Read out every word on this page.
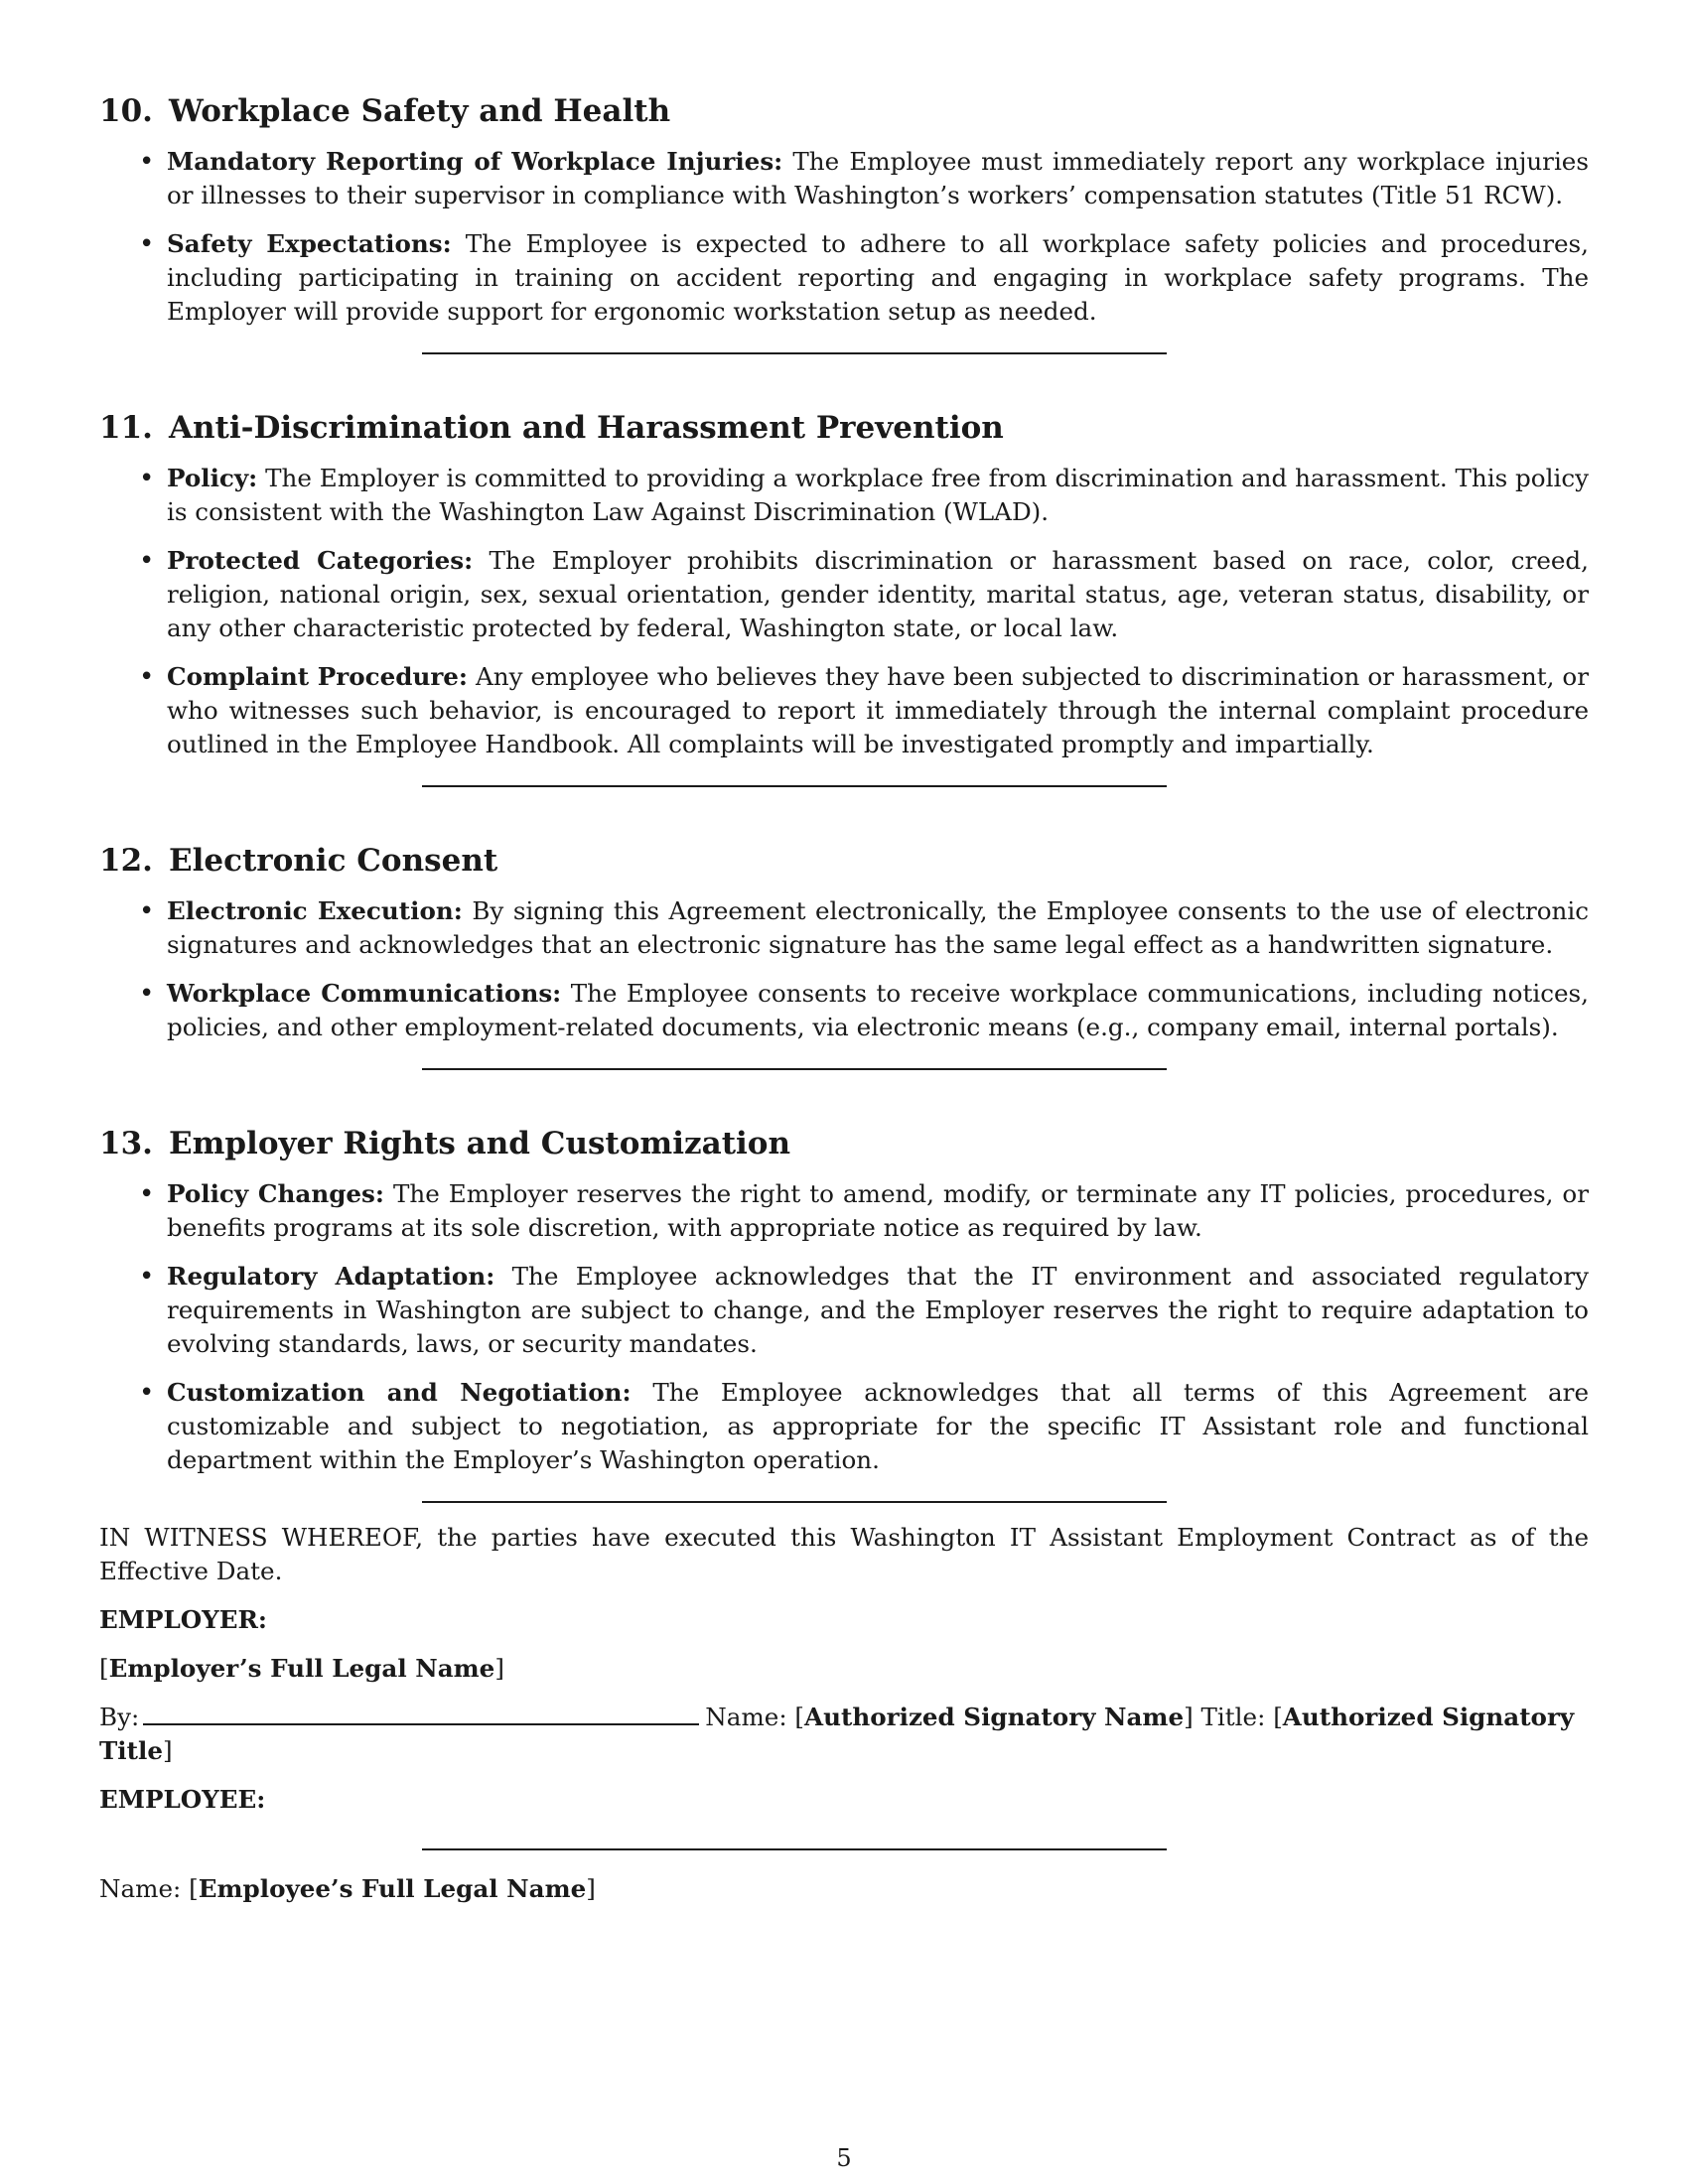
10. Workplace Safety and Health
• Mandatory Reporting of Workplace Injuries: The Employee must immediately report any workplace injuries or illnesses to their supervisor in compliance with Washington’s workers’ compensation statutes (Title 51 RCW).
• Safety Expectations: The Employee is expected to adhere to all workplace safety policies and procedures, including participating in training on accident reporting and engaging in workplace safety programs. The Employer will provide support for ergonomic workstation setup as needed.
11. Anti-Discrimination and Harassment Prevention
• Policy: The Employer is committed to providing a workplace free from discrimination and harassment. This policy is consistent with the Washington Law Against Discrimination (WLAD).
• Protected Categories: The Employer prohibits discrimination or harassment based on race, color, creed, religion, national origin, sex, sexual orientation, gender identity, marital status, age, veteran status, disability, or any other characteristic protected by federal, Washington state, or local law.
• Complaint Procedure: Any employee who believes they have been subjected to discrimination or harassment, or who witnesses such behavior, is encouraged to report it immediately through the internal complaint procedure outlined in the Employee Handbook. All complaints will be investigated promptly and impartially.
12. Electronic Consent
• Electronic Execution: By signing this Agreement electronically, the Employee consents to the use of electronic signatures and acknowledges that an electronic signature has the same legal effect as a handwritten signature.
• Workplace Communications: The Employee consents to receive workplace communications, including notices, policies, and other employment-related documents, via electronic means (e.g., company email, internal portals).
13. Employer Rights and Customization
• Policy Changes: The Employer reserves the right to amend, modify, or terminate any IT policies, procedures, or benefits programs at its sole discretion, with appropriate notice as required by law.
• Regulatory Adaptation: The Employee acknowledges that the IT environment and associated regulatory requirements in Washington are subject to change, and the Employer reserves the right to require adaptation to evolving standards, laws, or security mandates.
• Customization and Negotiation: The Employee acknowledges that all terms of this Agreement are customizable and subject to negotiation, as appropriate for the specific IT Assistant role and functional department within the Employer’s Washington operation.

IN WITNESS WHEREOF, the parties have executed this Washington IT Assistant Employment Contract as of the Effective Date.

EMPLOYER:

[Employer’s Full Legal Name]

By:	Name: [Authorized Signatory Name] Title: [Authorized Signatory Title]

EMPLOYEE:

Name: [Employee’s Full Legal Name]

5
